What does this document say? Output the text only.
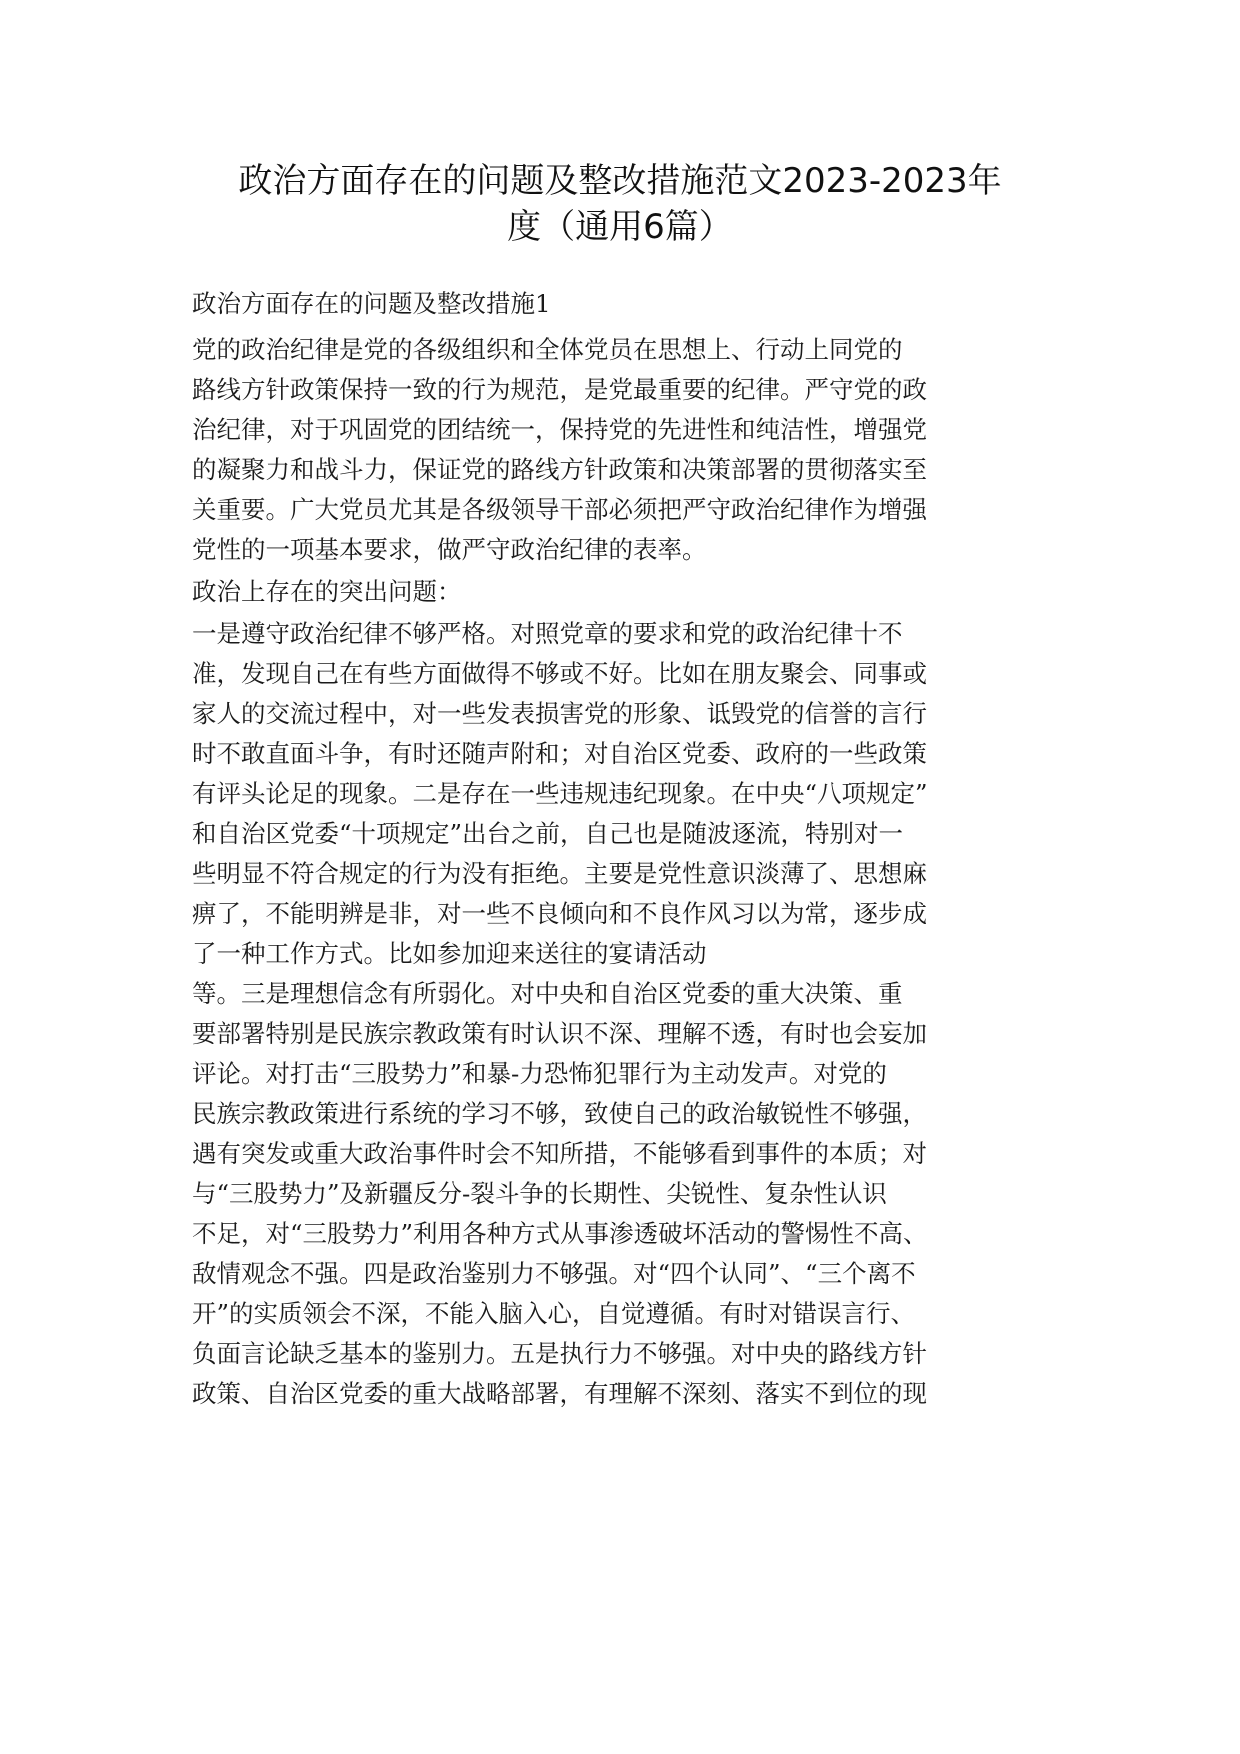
政治方面存在的问题及整改措施范文2023-2023年
度（通用6篇）
政治方面存在的问题及整改措施1
党的政治纪律是党的各级组织和全体党员在思想上、行动上同党的
路线方针政策保持一致的行为规范，是党最重要的纪律。严守党的政
治纪律，对于巩固党的团结统一，保持党的先进性和纯洁性，增强党
的凝聚力和战斗力，保证党的路线方针政策和决策部署的贯彻落实至
关重要。广大党员尤其是各级领导干部必须把严守政治纪律作为增强
党性的一项基本要求，做严守政治纪律的表率。
政治上存在的突出问题：
一是遵守政治纪律不够严格。对照党章的要求和党的政治纪律十不
准，发现自己在有些方面做得不够或不好。比如在朋友聚会、同事或
家人的交流过程中，对一些发表损害党的形象、诋毁党的信誉的言行
时不敢直面斗争，有时还随声附和；对自治区党委、政府的一些政策
有评头论足的现象。二是存在一些违规违纪现象。在中央“八项规定”
和自治区党委“十项规定”出台之前，自己也是随波逐流，特别对一
些明显不符合规定的行为没有拒绝。主要是党性意识淡薄了、思想麻
痹了，不能明辨是非，对一些不良倾向和不良作风习以为常，逐步成
了一种工作方式。比如参加迎来送往的宴请活动
等。三是理想信念有所弱化。对中央和自治区党委的重大决策、重
要部署特别是民族宗教政策有时认识不深、理解不透，有时也会妄加
评论。对打击“三股势力”和暴-力恐怖犯罪行为主动发声。对党的
民族宗教政策进行系统的学习不够，致使自己的政治敏锐性不够强，
遇有突发或重大政治事件时会不知所措，不能够看到事件的本质；对
与“三股势力”及新疆反分-裂斗争的长期性、尖锐性、复杂性认识
不足，对“三股势力”利用各种方式从事渗透破坏活动的警惕性不高、
敌情观念不强。四是政治鉴别力不够强。对“四个认同”、“三个离不
开”的实质领会不深，不能入脑入心，自觉遵循。有时对错误言行、
负面言论缺乏基本的鉴别力。五是执行力不够强。对中央的路线方针
政策、自治区党委的重大战略部署，有理解不深刻、落实不到位的现
